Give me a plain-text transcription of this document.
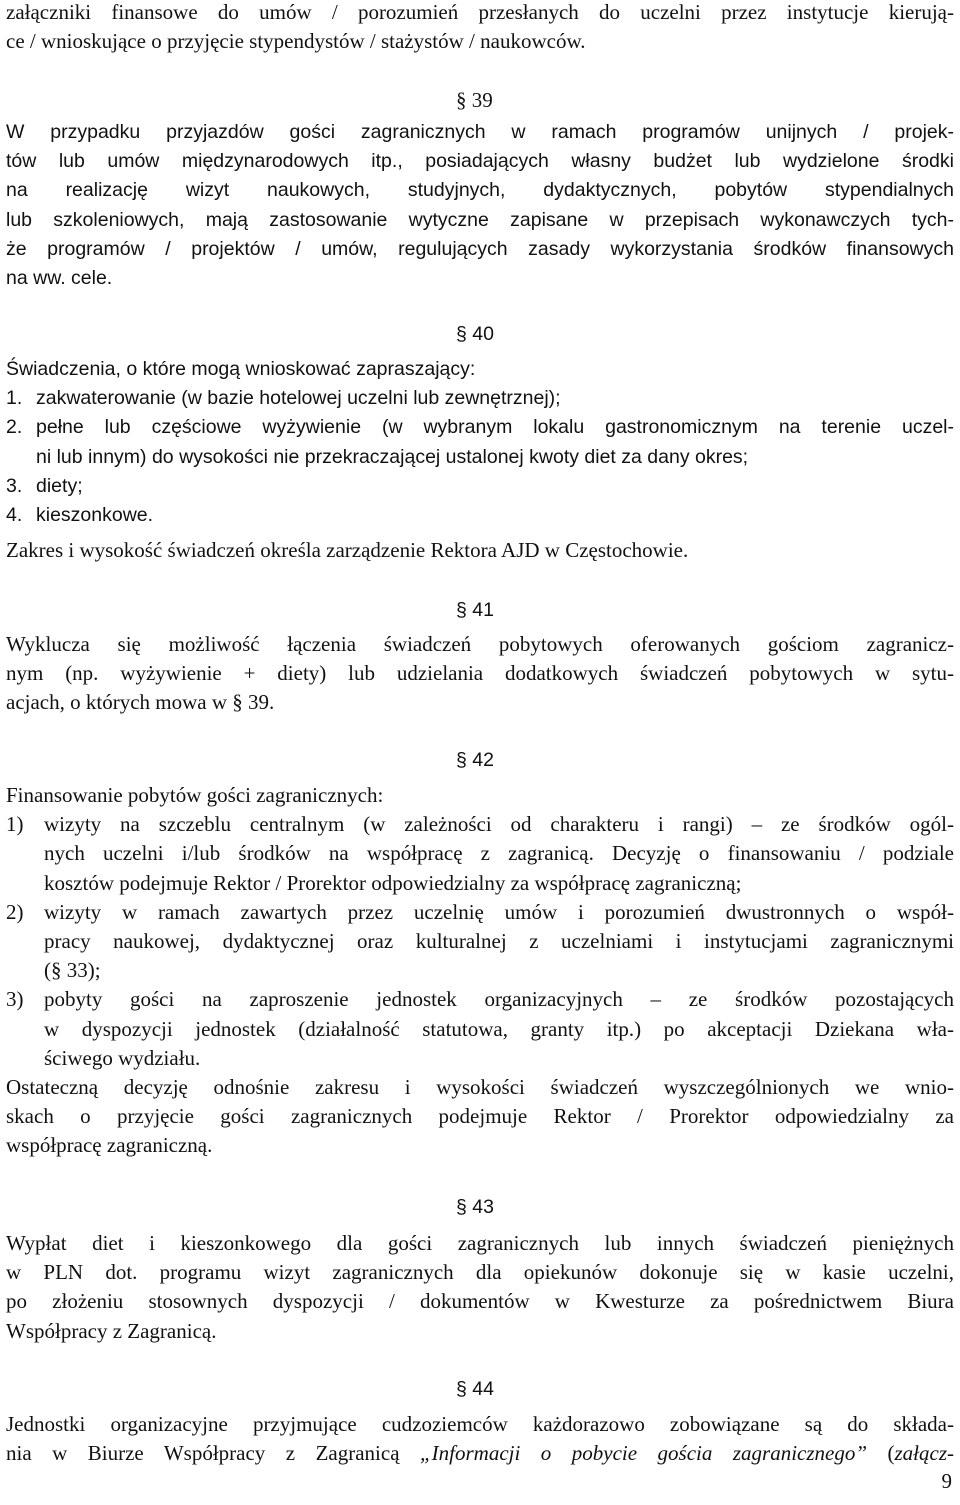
załączniki finansowe do umów / porozumień przesłanych do uczelni przez instytucje kierują-
ce / wnioskujące o przyjęcie stypendystów / stażystów / naukowców.
§ 39
W przypadku przyjazdów gości zagranicznych w ramach programów unijnych / projek-
tów lub umów międzynarodowych itp., posiadających własny budżet lub wydzielone środki
na realizację wizyt naukowych, studyjnych, dydaktycznych, pobytów stypendialnych
lub szkoleniowych, mają zastosowanie wytyczne zapisane w przepisach wykonawczych tych-
że programów / projektów / umów, regulujących zasady wykorzystania środków finansowych
na ww. cele.
§ 40
Świadczenia, o które mogą wnioskować zapraszający:
1. zakwaterowanie (w bazie hotelowej uczelni lub zewnętrznej);
2. pełne lub częściowe wyżywienie (w wybranym lokalu gastronomicznym na terenie uczel-
ni lub innym) do wysokości nie przekraczającej ustalonej kwoty diet za dany okres;
3. diety;
4. kieszonkowe.
Zakres i wysokość świadczeń określa zarządzenie Rektora AJD w Częstochowie.
§ 41
Wyklucza się możliwość łączenia świadczeń pobytowych oferowanych gościom zagranicz-
nym (np. wyżywienie + diety) lub udzielania dodatkowych świadczeń pobytowych w sytu-
acjach, o których mowa w § 39.
§ 42
Finansowanie pobytów gości zagranicznych:
1) wizyty na szczeblu centralnym (w zależności od charakteru i rangi) – ze środków ogól-
nych uczelni i/lub środków na współpracę z zagranicą. Decyzję o finansowaniu / podziale
kosztów podejmuje Rektor / Prorektor odpowiedzialny za współpracę zagraniczną;
2) wizyty w ramach zawartych przez uczelnię umów i porozumień dwustronnych o współ-
pracy naukowej, dydaktycznej oraz kulturalnej z uczelniami i instytucjami zagranicznymi
(§ 33);
3) pobyty gości na zaproszenie jednostek organizacyjnych – ze środków pozostających
w dyspozycji jednostek (działalność statutowa, granty itp.) po akceptacji Dziekana wła-
ściwego wydziału.
Ostateczną decyzję odnośnie zakresu i wysokości świadczeń wyszczególnionych we wnio-
skach o przyjęcie gości zagranicznych podejmuje Rektor / Prorektor odpowiedzialny za
współpracę zagraniczną.
§ 43
Wypłat diet i kieszonkowego dla gości zagranicznych lub innych świadczeń pieniężnych
w PLN dot. programu wizyt zagranicznych dla opiekunów dokonuje się w kasie uczelni,
po złożeniu stosownych dyspozycji / dokumentów w Kwesturze za pośrednictwem Biura
Współpracy z Zagranicą.
§ 44
Jednostki organizacyjne przyjmujące cudzoziemców każdorazowo zobowiązane są do składa-
nia w Biurze Współpracy z Zagranicą „Informacji o pobycie gościa zagranicznego” (załącz-
9
